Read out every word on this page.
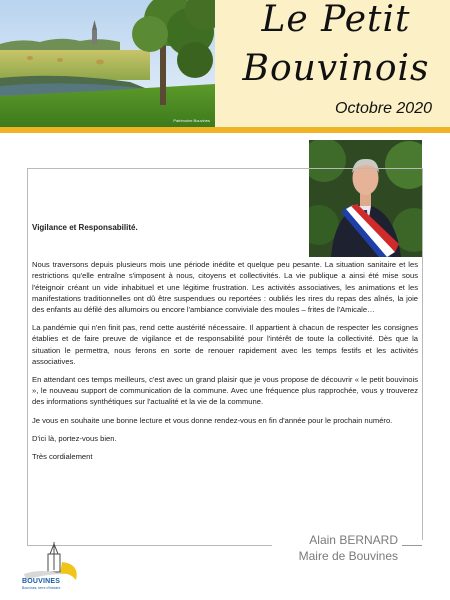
Patrimoine Bouvines
Le Petit
Bouvinois
Octobre 2020

Vigilance et Responsabilité.

Nous traversons depuis plusieurs mois une période inédite et quelque peu pesante. La situation sanitaire et les restrictions qu'elle entraîne s'imposent à nous, citoyens et collectivités. La vie publique a ainsi été mise sous l'éteignoir créant un vide inhabituel et une légitime frustration. Les activités associatives, les animations et les manifestations traditionnelles ont dû être suspendues ou reportées : oubliés les rires du repas des aînés, la joie des enfants au défilé des allumoirs ou encore l'ambiance conviviale des moules – frites de l'Amicale…

La pandémie qui n'en finit pas, rend cette austérité nécessaire. Il appartient à chacun de respecter les consignes établies et de faire preuve de vigilance et de responsabilité pour l'intérêt de toute la collectivité. Dès que la situation le permettra, nous ferons en sorte de renouer rapidement avec les temps festifs et les activités associatives.

En attendant ces temps meilleurs, c'est avec un grand plaisir que je vous propose de découvrir « le petit bouvinois », le nouveau support de communication de la commune. Avec une fréquence plus rapprochée, vous y trouverez des informations synthétiques sur l'actualité et la vie de la commune.

Je vous en souhaite une bonne lecture et vous donne rendez-vous en fin d'année pour le prochain numéro.

D'ici là, portez-vous bien.

Très cordialement

Alain BERNARD
Maire de Bouvines
BOUVINES
Bouvines, terre d'histoire
